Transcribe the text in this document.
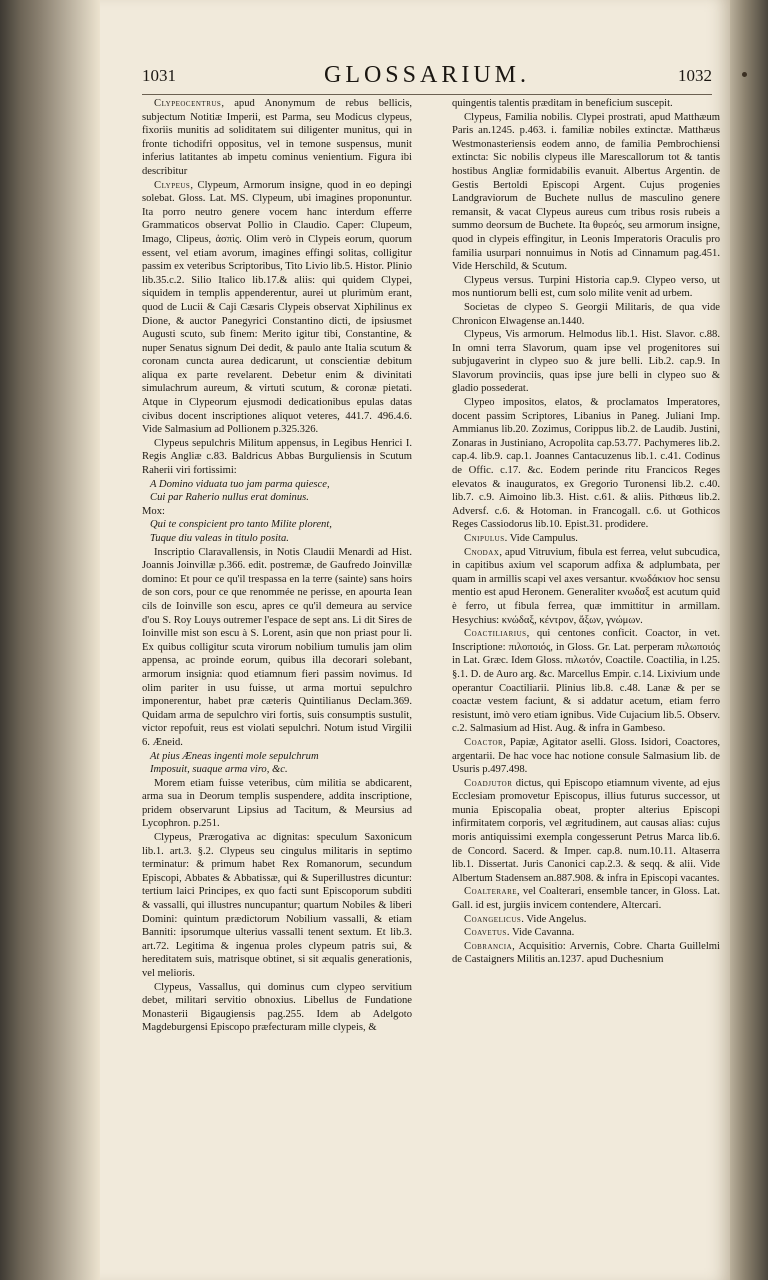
1031	GLOSSARIUM.	1032

Clypeocentrus, apud Anonymum de rebus bellicis, subjectum Notitiæ Imperii, est Parma, seu Modicus clypeus, fixoriis munitis ad soliditatem sui diligenter munitus, qui in fronte tichodifri oppositus, vel in temone suspensus, munit inferius latitantes ab impetu cominus venientium. Figura ibi describitur

Clypeus, Clypeum, Armorum insigne, quod in eo depingi solebat. Gloss. Lat. MS. Clypeum, ubi imagines proponuntur. Ita porro neutro genere vocem hanc interdum efferre Grammaticos observat Pollio in Claudio. Caper: Clupeum, Imago, Clipeus, ἀσπὶς. Olim verò in Clypeis eorum, quorum essent, vel etiam avorum, imagines effingi solitas, colligitur passim ex veteribus Scriptoribus, Tito Livio lib.5. Histor. Plinio lib.35.c.2. Silio Italico lib.17.& aliis: qui quidem Clypei, siquidem in templis appenderentur, aurei ut plurimùm erant, quod de Lucii & Caji Cæsaris Clypeis observat Xiphilinus ex Dione, & auctor Panegyrici Constantino dicti, de ipsiusmet Augusti scuto, sub finem: Merito igitur tibi, Constantine, & nuper Senatus signum Dei dedit, & paulo ante Italia scutum & coronam cuncta aurea dedicarunt, ut conscientiæ debitum aliqua ex parte revelarent. Debetur enim & divinitati simulachrum aureum, & virtuti scutum, & coronæ pietati. Atque in Clypeorum ejusmodi dedicationibus epulas datas civibus docent inscriptiones aliquot veteres, 441.7. 496.4.6. Vide Salmasium ad Pollionem p.325.326.

Clypeus sepulchris Militum appensus, in Legibus Henrici I. Regis Angliæ c.83. Baldricus Abbas Burguliensis in Scutum Raherii viri fortissimi:

A Domino viduata tuo jam parma quiesce,

Cui par Raherio nullus erat dominus.

Mox:

Qui te conspicient pro tanto Milite plorent,

Tuque diu valeas in titulo posita.

Inscriptio Claravallensis, in Notis Claudii Menardi ad Hist. Joannis Joinvillæ p.366. edit. postremæ, de Gaufredo Joinvillæ domino: Et pour ce qu'il trespassa en la terre (sainte) sans hoirs de son cors, pour ce que renommée ne perisse, en apourta Iean cils de Ioinville son escu, apres ce qu'il demeura au service d'ou S. Roy Louys outremer l'espace de sept ans. Li dit Sires de Ioinville mist son escu à S. Lorent, asin que non priast pour li. Ex quibus colligitur scuta virorum nobilium tumulis jam olim appensa, ac proinde eorum, quibus illa decorari solebant, armorum insignia: quod etiamnum fieri passim novimus. Id olim pariter in usu fuisse, ut arma mortui sepulchro imponerentur, habet præ cæteris Quintilianus Declam.369. Quidam arma de sepulchro viri fortis, suis consumptis sustulit, victor repofuit, reus est violati sepulchri. Notum istud Virgilii 6. Æneid.

At pius Æneas ingenti mole sepulchrum

Imposuit, suaque arma viro, &c.

Morem etiam fuisse veteribus, cùm militia se abdicarent, arma sua in Deorum templis suspendere, addita inscriptione, pridem observarunt Lipsius ad Tacitum, & Meursius ad Lycophron. p.251.

Clypeus, Prærogativa ac dignitas: speculum Saxonicum lib.1. art.3. §.2. Clypeus seu cingulus militaris in septimo terminatur: & primum habet Rex Romanorum, secundum Episcopi, Abbates & Abbatissæ, qui & Superillustres dicuntur: tertium laici Principes, ex quo facti sunt Episcoporum subditi & vassalli, qui illustres nuncupantur; quartum Nobiles & liberi Domini: quintum prædictorum Nobilium vassalli, & etiam Banniti: ipsorumque ulterius vassalli tenent sextum. Et lib.3. art.72. Legitima & ingenua proles clypeum patris sui, & hereditatem suis, matrisque obtinet, si sit æqualis generationis, vel melioris.

Clypeus, Vassallus, qui dominus cum clypeo servitium debet, militari servitio obnoxius. Libellus de Fundatione Monasterii Bigaugiensis pag.255. Idem ab Adelgoto Magdeburgensi Episcopo præfecturam mille clypeis, &

quingentis talentis præditam in beneficium suscepit.

Clypeus, Familia nobilis. Clypei prostrati, apud Matthæum Paris an.1245. p.463. i. familiæ nobiles extinctæ. Matthæus Westmonasteriensis eodem anno, de familia Pembrochiensi extincta: Sic nobilis clypeus ille Marescallorum tot & tantis hostibus Angliæ formidabilis evanuit. Albertus Argentin. de Gestis Bertoldi Episcopi Argent. Cujus progenies Landgraviorum de Buchete nullus de masculino genere remansit, & vacat Clypeus aureus cum tribus rosis rubeis a summo deorsum de Buchete. Ita θυρεός, seu armorum insigne, quod in clypeis effingitur, in Leonis Imperatoris Oraculis pro familia usurpari nonnuimus in Notis ad Cinnamum pag.451. Vide Herschild, & Scutum.

Clypeus versus. Turpini Historia cap.9. Clypeo verso, ut mos nuntiorum belli est, cum solo milite venit ad urbem.

Societas de clypeo S. Georgii Militaris, de qua vide Chronicon Elwagense an.1440.

Clypeus, Vis armorum. Helmodus lib.1. Hist. Slavor. c.88. In omni terra Slavorum, quam ipse vel progenitores sui subjugaverint in clypeo suo & jure belli. Lib.2. cap.9. In Slavorum provinciis, quas ipse jure belli in clypeo suo & gladio possederat.

Clypeo impositos, elatos, & proclamatos Imperatores, docent passim Scriptores, Libanius in Paneg. Juliani Imp. Ammianus lib.20. Zozimus, Corippus lib.2. de Laudib. Justini, Zonaras in Justiniano, Acropolita cap.53.77. Pachymeres lib.2. cap.4. lib.9. cap.1. Joannes Cantacuzenus lib.1. c.41. Codinus de Offic. c.17. &c. Eodem perinde ritu Francicos Reges elevatos & inauguratos, ex Gregorio Turonensi lib.2. c.40. lib.7. c.9. Aimoino lib.3. Hist. c.61. & aliis. Pithœus lib.2. Adversf. c.6. & Hotoman. in Francogall. c.6. ut Gothicos Reges Cassiodorus lib.10. Epist.31. prodidere.

Cnipulus. Vide Campulus.

Cnodax, apud Vitruvium, fibula est ferrea, velut subcudica, in capitibus axium vel scaporum adfixa & adplumbata, per quam in armillis scapi vel axes versantur. κνωδάκιον hoc sensu mentio est apud Heronem. Generaliter κνωδαξ est acutum quid è ferro, ut fibula ferrea, quæ immittitur in armillam. Hesychius: κνώδαξ, κέντρον, ἄξων, γνώμων.

Coactiliarius, qui centones conficit. Coactor, in vet. Inscriptione: πιλοποιός, in Gloss. Gr. Lat. perperam πιλωποιός in Lat. Græc. Idem Gloss. πιλωτόν, Coactile. Coactilia, in l.25. §.1. D. de Auro arg. &c. Marcellus Empir. c.14. Lixivium unde operantur Coactiliarii. Plinius lib.8. c.48. Lanæ & per se coactæ vestem faciunt, & si addatur acetum, etiam ferro resistunt, imò vero etiam ignibus. Vide Cujacium lib.5. Observ. c.2. Salmasium ad Hist. Aug. & infra in Gambeso.

Coactor, Papiæ, Agitator aselli. Gloss. Isidori, Coactores, argentarii. De hac voce hac notione consule Salmasium lib. de Usuris p.497.498.

Coadjutor dictus, qui Episcopo etiamnum vivente, ad ejus Ecclesiam promovetur Episcopus, illius futurus successor, ut munia Episcopalia obeat, propter alterius Episcopi infirmitatem corporis, vel ægritudinem, aut causas alias: cujus moris antiquissimi exempla congesserunt Petrus Marca lib.6. de Concord. Sacerd. & Imper. cap.8. num.10.11. Altaserra lib.1. Dissertat. Juris Canonici cap.2.3. & seqq. & alii. Vide Albertum Stadensem an.887.908. & infra in Episcopi vacantes.

Coalterare, vel Coalterari, ensemble tancer, in Gloss. Lat. Gall. id est, jurgiis invicem contendere, Altercari.

Coangelicus. Vide Angelus.

Coavetus. Vide Cavanna.

Cobrancia, Acquisitio: Arvernis, Cobre. Charta Guillelmi de Castaigners Militis an.1237. apud Duchesnium
